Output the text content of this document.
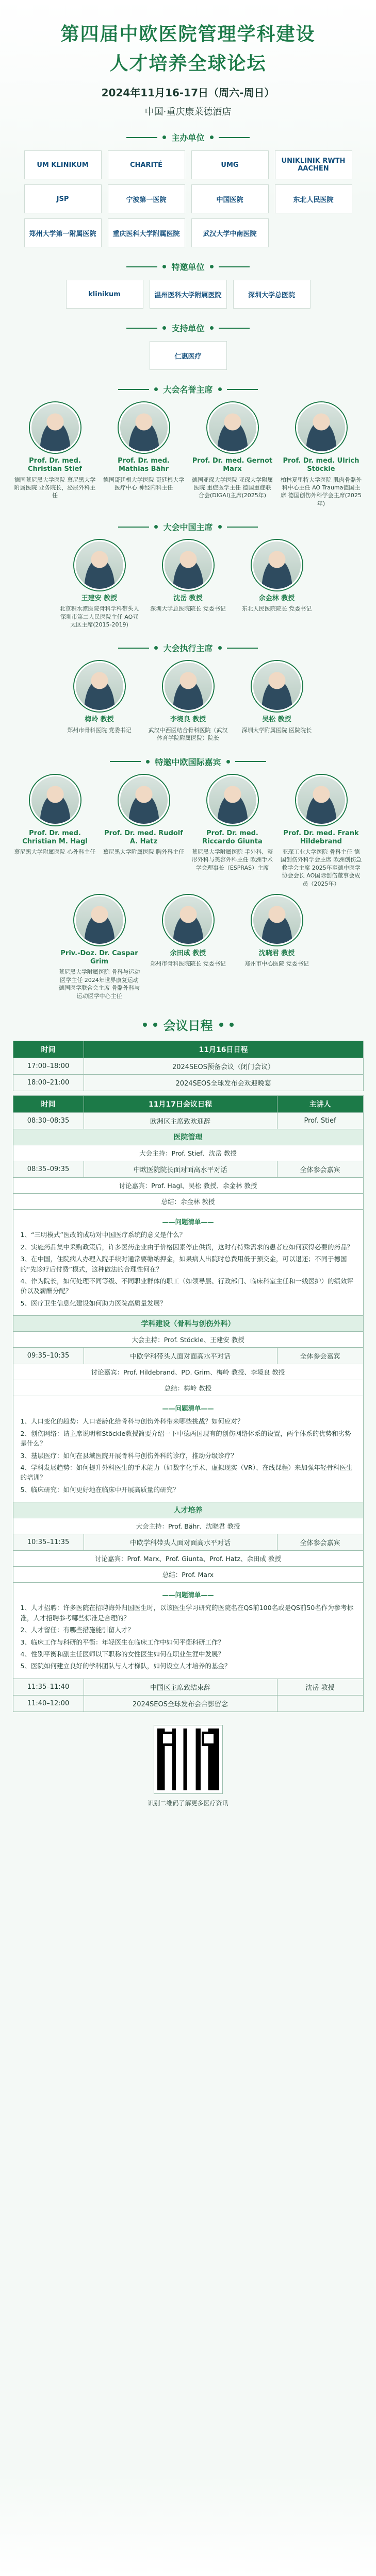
第四届中欧医院管理学科建设
人才培养全球论坛
2024年11月16-17日（周六-周日）
中国·重庆康莱德酒店
主办单位
UM KLINIKUM	CHARITÉ	UMG	UNIKLINIK RWTH AACHEN
JSP	宁波第一医院	中国医院	东北人民医院
郑州大学第一附属医院	重庆医科大学附属医院	武汉大学中南医院
特邀单位
klinikum	温州医科大学附属医院	深圳大学总医院
支持单位
仁惠医疗
大会名誉主席
Prof. Dr. med. Christian Stief
德国慕尼黑大学医院 慕尼黑大学附属医院 业务院长，泌尿外科主任
Prof. Dr. med. Mathias Bähr
德国哥廷根大学医院 哥廷根大学医疗中心 神经内科主任
Prof. Dr. med. Gernot Marx
德国亚琛大学医院 亚琛大学附属医院 重症医学主任 德国重症联合会(DIGAI)主席(2025年)
Prof. Dr. med. Ulrich Stöckle
柏林夏里特大学医院 肌肉骨骼外科中心主任 AO Trauma德国主席 德国创伤外科学会主席(2025年)
大会中国主席
王建安 教授
北京积水潭医院骨科学科带头人 深圳市第二人民医院主任 AO亚太区主席(2015-2019)
沈岳 教授
深圳大学总医院院长 党委书记
余金林 教授
东北人民医院院长 党委书记
大会执行主席
梅岭 教授
郑州市骨科医院 党委书记
李境良 教授
武汉中西医结合骨科医院（武汉体育学院附属医院）院长
吴松 教授
深圳大学附属医院 医院院长
特邀中欧国际嘉宾
Prof. Dr. med. Christian M. Hagl
慕尼黑大学附属医院 心外科主任
Prof. Dr. med. Rudolf A. Hatz
慕尼黑大学附属医院 胸外科主任
Prof. Dr. med. Riccardo Giunta
慕尼黑大学附属医院 手外科、整形外科与美容外科主任 欧洲手术学会理事长（ESPRAS）主席
Prof. Dr. med. Frank Hildebrand
亚琛工业大学医院 骨科主任 德国创伤外科学会主席 欧洲创伤急救学会主席 2025年至德中医学协会会长 AO国际创伤董事会成员（2025年）
Priv.-Doz. Dr. Caspar Grim
慕尼黑大学附属医院 骨科与运动医学主任 2024年世界康复运动 德国医学联合会主席 骨骼外科与运动医学中心主任
余田成 教授
郑州市骨科医院院长 党委书记
沈晓君 教授
郑州市中心医院 党委书记
会议日程
时间	11月16日日程
17:00–18:00	2024SEOS预备会议（闭门会议）
18:00–21:00	2024SEOS全球发布会欢迎晚宴
时间	11月17日会议日程	主讲人
08:30–08:35	欧洲区主席致欢迎辞	Prof. Stief
医院管理
大会主持：Prof. Stief、沈岳 教授
08:35–09:35	中欧医院院长面对面高水平对话	全体参会嘉宾
讨论嘉宾：Prof. Hagl、吴松 教授、余金林 教授
总结：余金林 教授
——问题清单——
1、“三明模式”医改的成功对中国医疗系统的意义是什么？
2、实施药品集中采购政策后，许多医药企业由于价格因素停止供货，这时有特殊需求的患者应如何获得必要的药品？
3、在中国，住院病人办理入院手续时通常要缴纳押金，如果病人出院时总费用低于预交金，可以退还；不同于德国的“先诊疗后付费”模式，这种做法的合理性何在？
4、作为院长，如何处理不同等级、不同职业群体的职工（如领导层、行政部门、临床科室主任和一线医护）的绩效评价以及薪酬分配？
5、医疗卫生信息化建设如何助力医院高质量发展？
学科建设（骨科与创伤外科）
大会主持：Prof. Stöckle、王建安 教授
09:35–10:35	中欧学科带头人面对面高水平对话	全体参会嘉宾
讨论嘉宾：Prof. Hildebrand、PD. Grim、梅岭 教授、李境良 教授
总结：梅岭 教授
——问题清单——
1、人口变化的趋势：人口老龄化给骨科与创伤外科带来哪些挑战？如何应对？
2、创伤网络：请主席说明和Stöckle教授简要介绍一下中德两国现有的创伤网络体系的设置，两个体系的优势和劣势是什么？
3、基层医疗：如何在县域医院开展骨科与创伤外科的诊疗，推动分级诊疗？
4、学科发展趋势：如何提升外科医生的手术能力（如数字化手术、虚拟现实（VR）、在线课程）来加强年轻骨科医生的培训？
5、临床研究：如何更好地在临床中开展高质量的研究？
人才培养
大会主持：Prof. Bähr、沈晓君 教授
10:35–11:35	中欧学科带头人面对面高水平对话	全体参会嘉宾
讨论嘉宾：Prof. Marx、Prof. Giunta、Prof. Hatz、余田成 教授
总结：Prof. Marx
——问题清单——
1、人才招聘：许多医院在招聘海外归国医生时，以该医生学习研究的医院名在QS前100名或是QS前50名作为参考标准，人才招聘参考哪些标准是合理的？
2、人才留任：有哪些措施能引留人才？
3、临床工作与科研的平衡：年轻医生在临床工作中如何平衡科研工作？
4、性别平衡和副主任医师以下职称的女性医生如何在职业生涯中发展？
5、医院如何建立良好的学科团队与人才梯队，如何设立人才培养的基金？
11:35–11:40	中国区主席致结束辞	沈岳 教授
11:40–12:00	2024SEOS全球发布会合影留念	
识别二维码了解更多医疗资讯
